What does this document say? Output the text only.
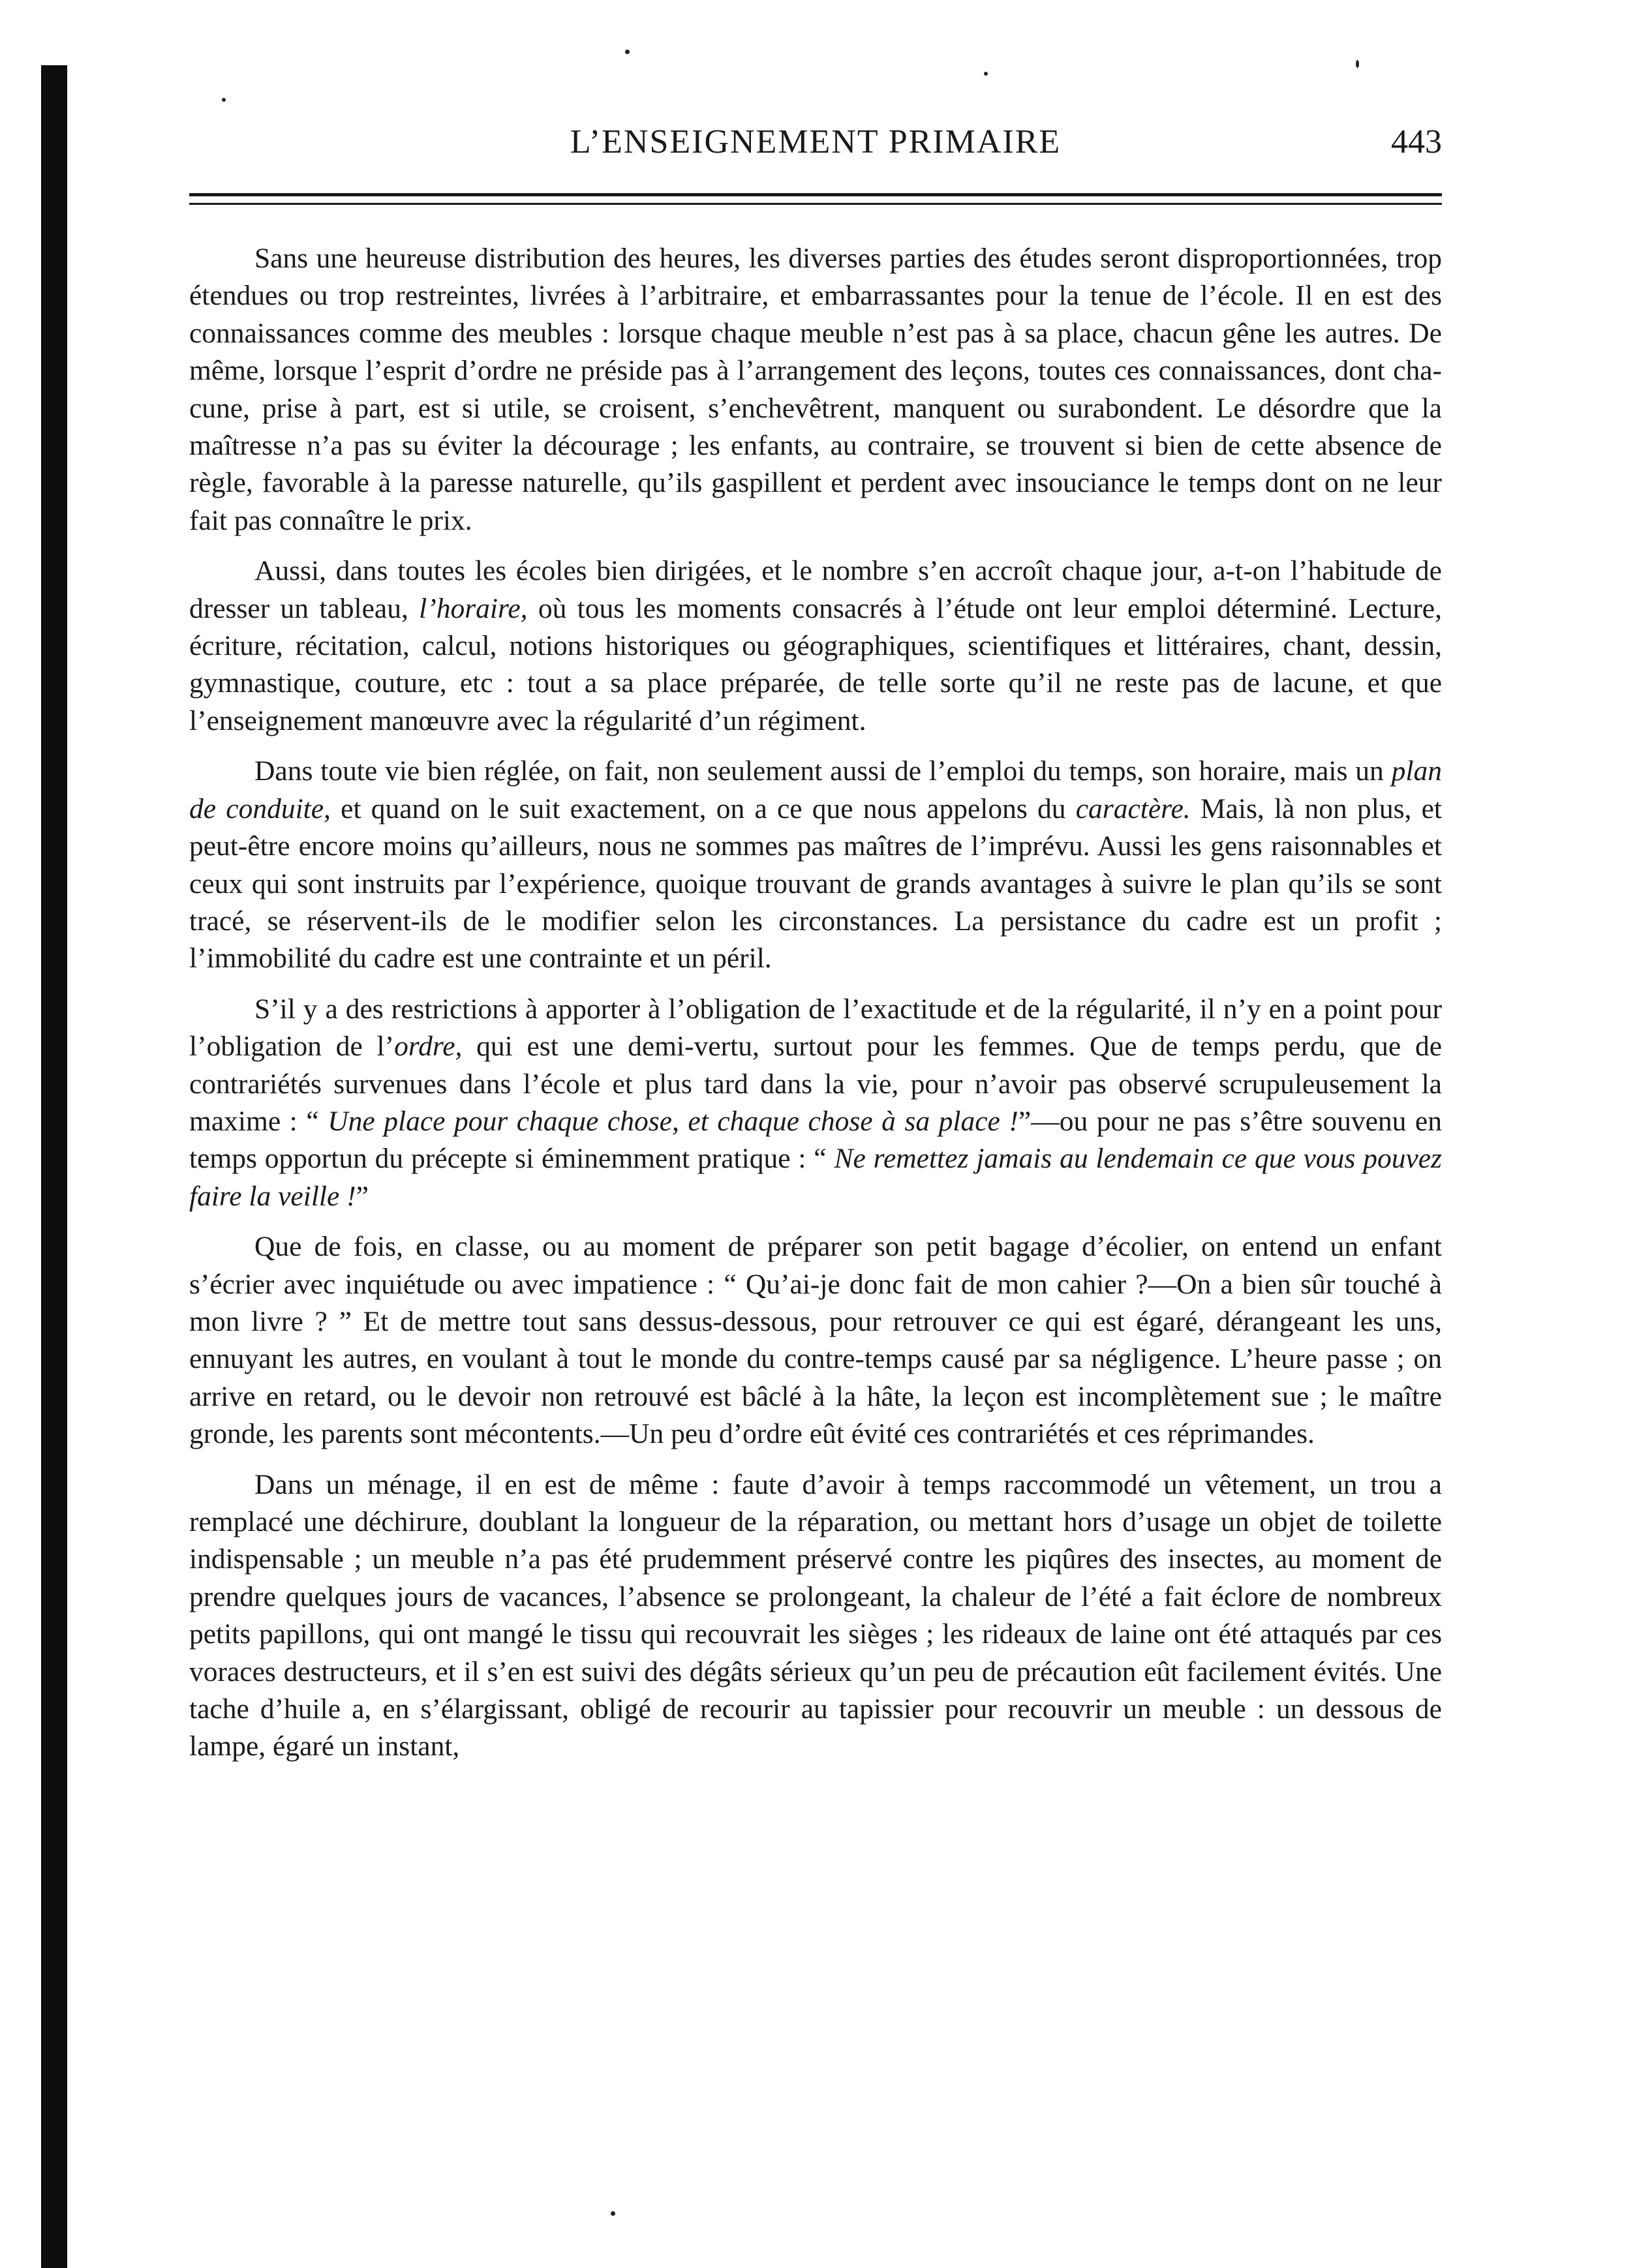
L’ENSEIGNEMENT PRIMAIRE	443

Sans une heureuse distribution des heures, les diverses parties des études seront disproportionnées, trop étendues ou trop restreintes, livrées à l’arbitraire, et embarrassantes pour la tenue de l’école. Il en est des connaissances comme des meubles : lorsque chaque meuble n’est pas à sa place, chacun gêne les autres. De même, lorsque l’esprit d’ordre ne préside pas à l’arrangement des leçons, toutes ces connaissances, dont chacune, prise à part, est si utile, se croisent, s’enchevêtrent, manquent ou surabondent. Le désordre que la maîtresse n’a pas su éviter la décourage ; les enfants, au contraire, se trouvent si bien de cette absence de règle, favorable à la paresse naturelle, qu’ils gaspillent et perdent avec insouciance le temps dont on ne leur fait pas connaître le prix.

Aussi, dans toutes les écoles bien dirigées, et le nombre s’en accroît chaque jour, a-t-on l’habitude de dresser un tableau, l’horaire, où tous les moments consacrés à l’étude ont leur emploi déterminé. Lecture, écriture, récitation, calcul, notions historiques ou géographiques, scientifiques et littéraires, chant, dessin, gymnastique, couture, etc : tout a sa place préparée, de telle sorte qu’il ne reste pas de lacune, et que l’enseignement manœuvre avec la régularité d’un régiment.

Dans toute vie bien réglée, on fait, non seulement aussi de l’emploi du temps, son horaire, mais un plan de conduite, et quand on le suit exactement, on a ce que nous appelons du caractère. Mais, là non plus, et peut-être encore moins qu’ailleurs, nous ne sommes pas maîtres de l’imprévu. Aussi les gens raisonnables et ceux qui sont instruits par l’expérience, quoique trouvant de grands avantages à suivre le plan qu’ils se sont tracé, se réservent-ils de le modifier selon les circonstances. La persistance du cadre est un profit ; l’immobilité du cadre est une contrainte et un péril.

S’il y a des restrictions à apporter à l’obligation de l’exactitude et de la régularité, il n’y en a point pour l’obligation de l’ordre, qui est une demi-vertu, surtout pour les femmes. Que de temps perdu, que de contrariétés survenues dans l’école et plus tard dans la vie, pour n’avoir pas observé scrupuleusement la maxime : “ Une place pour chaque chose, et chaque chose à sa place !”—ou pour ne pas s’être souvenu en temps opportun du précepte si éminemment pratique : “ Ne remettez jamais au lendemain ce que vous pouvez faire la veille !”

Que de fois, en classe, ou au moment de préparer son petit bagage d’écolier, on entend un enfant s’écrier avec inquiétude ou avec impatience : “ Qu’ai-je donc fait de mon cahier ?—On a bien sûr touché à mon livre ? ” Et de mettre tout sans dessus-dessous, pour retrouver ce qui est égaré, dérangeant les uns, ennuyant les autres, en voulant à tout le monde du contre-temps causé par sa négligence. L’heure passe ; on arrive en retard, ou le devoir non retrouvé est bâclé à la hâte, la leçon est incomplètement sue ; le maître gronde, les parents sont mécontents.—Un peu d’ordre eût évité ces contrariétés et ces réprimandes.

Dans un ménage, il en est de même : faute d’avoir à temps raccommodé un vêtement, un trou a remplacé une déchirure, doublant la longueur de la réparation, ou mettant hors d’usage un objet de toilette indispensable ; un meuble n’a pas été prudemment préservé contre les piqûres des insectes, au moment de prendre quelques jours de vacances, l’absence se prolongeant, la chaleur de l’été a fait éclore de nombreux petits papillons, qui ont mangé le tissu qui recouvrait les sièges ; les rideaux de laine ont été attaqués par ces voraces destructeurs, et il s’en est suivi des dégâts sérieux qu’un peu de précaution eût facilement évités. Une tache d’huile a, en s’élargissant, obligé de recourir au tapissier pour recouvrir un meuble : un dessous de lampe, égaré un instant,
